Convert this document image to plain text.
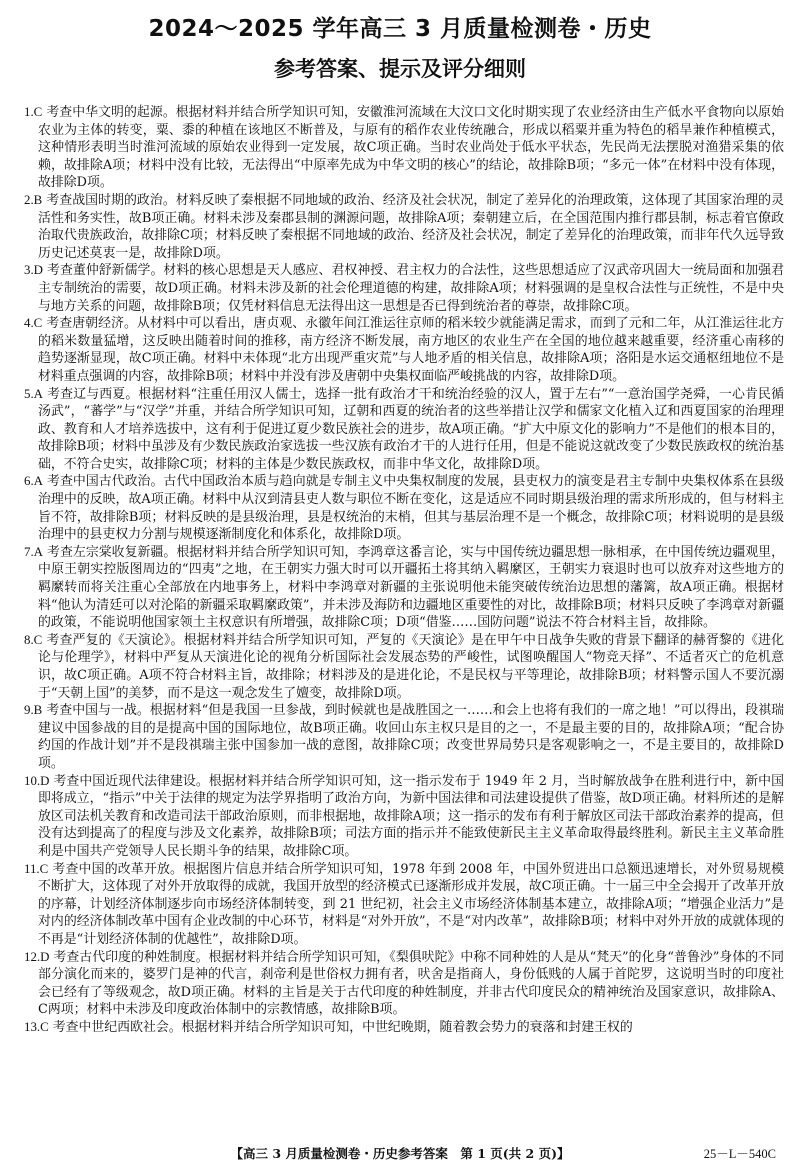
2024～2025 学年高三 3 月质量检测卷・历史
参考答案、提示及评分细则

1.C 考查中华文明的起源。根据材料并结合所学知识可知，安徽淮河流域在大汶口文化时期实现了农业经济由生产低水平食物向以原始农业为主体的转变，粟、黍的种植在该地区不断普及，与原有的稻作农业传统融合，形成以稻粟并重为特色的稻旱兼作种植模式，这种情形表明当时淮河流域的原始农业得到一定发展，故C项正确。当时农业尚处于低水平状态，先民尚无法摆脱对渔猎采集的依赖，故排除A项；材料中没有比较，无法得出“中原率先成为中华文明的核心”的结论，故排除B项；“多元一体”在材料中没有体现，故排除D项。

2.B 考查战国时期的政治。材料反映了秦根据不同地域的政治、经济及社会状况，制定了差异化的治理政策，这体现了其国家治理的灵活性和务实性，故B项正确。材料未涉及秦郡县制的渊源问题，故排除A项；秦朝建立后，在全国范围内推行郡县制，标志着官僚政治取代贵族政治，故排除C项；材料反映了秦根据不同地域的政治、经济及社会状况，制定了差异化的治理政策，而非年代久远导致历史记述莫衷一是，故排除D项。

3.D 考查董仲舒新儒学。材料的核心思想是天人感应、君权神授、君主权力的合法性，这些思想适应了汉武帝巩固大一统局面和加强君主专制统治的需要，故D项正确。材料未涉及新的社会伦理道德的构建，故排除A项；材料强调的是皇权合法性与正统性，不是中央与地方关系的问题，故排除B项；仅凭材料信息无法得出这一思想是否已得到统治者的尊崇，故排除C项。

4.C 考查唐朝经济。从材料中可以看出，唐贞观、永徽年间江淮运往京师的稻米较少就能满足需求，而到了元和二年，从江淮运往北方的稻米数量猛增，这反映出随着时间的推移，南方经济不断发展，南方地区的农业生产在全国的地位越来越重要，经济重心南移的趋势逐渐显现，故C项正确。材料中未体现“北方出现严重灾荒”与人地矛盾的相关信息，故排除A项；洛阳是水运交通枢纽地位不是材料重点强调的内容，故排除B项；材料中并没有涉及唐朝中央集权面临严峻挑战的内容，故排除D项。

5.A 考查辽与西夏。根据材料“注重任用汉人儒士，选择一批有政治才干和统治经验的汉人，置于左右”“一意治国学尧舜，一心肯民循汤武”，“蕃学”与“汉学”并重，并结合所学知识可知，辽朝和西夏的统治者的这些举措让汉学和儒家文化植入辽和西夏国家的治理理政、教育和人才培养选拔中，这有利于促进辽夏少数民族社会的进步，故A项正确。“扩大中原文化的影响力”不是他们的根本目的，故排除B项；材料中虽涉及有少数民族政治家选拔一些汉族有政治才干的人进行任用，但是不能说这就改变了少数民族政权的统治基础，不符合史实，故排除C项；材料的主体是少数民族政权，而非中华文化，故排除D项。

6.A 考查中国古代政治。古代中国政治本质与趋向就是专制主义中央集权制度的发展，县吏权力的演变是君主专制中央集权体系在县级治理中的反映，故A项正确。材料中从汉到清县吏人数与职位不断在变化，这是适应不同时期县级治理的需求所形成的，但与材料主旨不符，故排除B项；材料反映的是县级治理，县是权统治的末梢，但其与基层治理不是一个概念，故排除C项；材料说明的是县级治理中的县吏权力分割与规模逐渐制度化和体系化，故排除D项。

7.A 考查左宗棠收复新疆。根据材料并结合所学知识可知，李鸿章这番言论，实与中国传统边疆思想一脉相承，在中国传统边疆观里，中原王朝实控版图周边的“四夷”之地，在王朝实力强大时可以开疆拓土将其纳入羁縻区，王朝实力衰退时也可以放弃对这些地方的羁縻转而将关注重心全部放在内地事务上，材料中李鸿章对新疆的主张说明他未能突破传统治边思想的藩篱，故A项正确。根据材料“他认为清廷可以对沦陷的新疆采取羁縻政策”，并未涉及海防和边疆地区重要性的对比，故排除B项；材料只反映了李鸿章对新疆的政策，不能说明他国家领土主权意识有所增强，故排除C项；D项“借鉴……国防问题”说法不符合材料主旨，故排除。

8.C 考查严复的《天演论》。根据材料并结合所学知识可知，严复的《天演论》是在甲午中日战争失败的背景下翻译的赫胥黎的《进化论与伦理学》，材料中严复从天演进化论的视角分析国际社会发展态势的严峻性，试图唤醒国人“物竞天择”、不适者灭亡的危机意识，故C项正确。A项不符合材料主旨，故排除；材料涉及的是进化论，不是民权与平等理论，故排除B项；材料警示国人不要沉溺于“天朝上国”的美梦，而不是这一观念发生了嬗变，故排除D项。

9.B 考查中国与一战。根据材料“但是我国一旦参战，到时候就也是战胜国之一……和会上也将有我们的一席之地！”可以得出，段祺瑞建议中国参战的目的是提高中国的国际地位，故B项正确。收回山东主权只是目的之一，不是最主要的目的，故排除A项；“配合协约国的作战计划”并不是段祺瑞主张中国参加一战的意图，故排除C项；改变世界局势只是客观影响之一，不是主要目的，故排除D项。

10.D 考查中国近现代法律建设。根据材料并结合所学知识可知，这一指示发布于 1949 年 2 月，当时解放战争在胜利进行中，新中国即将成立，“指示”中关于法律的规定为法学界指明了政治方向，为新中国法律和司法建设提供了借鉴，故D项正确。材料所述的是解放区司法机关教育和改造司法干部政治原则，而非根据地，故排除A项；这一指示的发布有利于解放区司法干部政治素养的提高，但没有达到提高了的程度与涉及文化素养，故排除B项；司法方面的指示并不能致使新民主主义革命取得最终胜利。新民主主义革命胜利是中国共产党领导人民长期斗争的结果，故排除C项。

11.C 考查中国的改革开放。根据图片信息并结合所学知识可知，1978 年到 2008 年，中国外贸进出口总额迅速增长，对外贸易规模不断扩大，这体现了对外开放取得的成就，我国开放型的经济模式已逐渐形成并发展，故C项正确。十一届三中全会揭开了改革开放的序幕，计划经济体制逐步向市场经济体制转变，到 21 世纪初，社会主义市场经济体制基本建立，故排除A项；“增强企业活力”是对内的经济体制改革中国有企业改制的中心环节，材料是“对外开放”，不是“对内改革”，故排除B项；材料中对外开放的成就体现的不再是“计划经济体制的优越性”，故排除D项。

12.D 考查古代印度的种姓制度。根据材料并结合所学知识可知，《梨俱吠陀》中称不同种姓的人是从“梵天”的化身“普鲁沙”身体的不同部分演化而来的，婆罗门是神的代言，刹帝利是世俗权力拥有者，吠舍是指商人，身份低贱的人属于首陀罗，这说明当时的印度社会已经有了等级观念，故D项正确。材料的主旨是关于古代印度的种姓制度，并非古代印度民众的精神统治及国家意识，故排除A、C两项；材料中未涉及印度政治体制中的宗教情感，故排除B项。

13.C 考查中世纪西欧社会。根据材料并结合所学知识可知，中世纪晚期，随着教会势力的衰落和封建王权的

【高三 3 月质量检测卷・历史参考答案　第 1 页(共 2 页)】	25－L－540C
